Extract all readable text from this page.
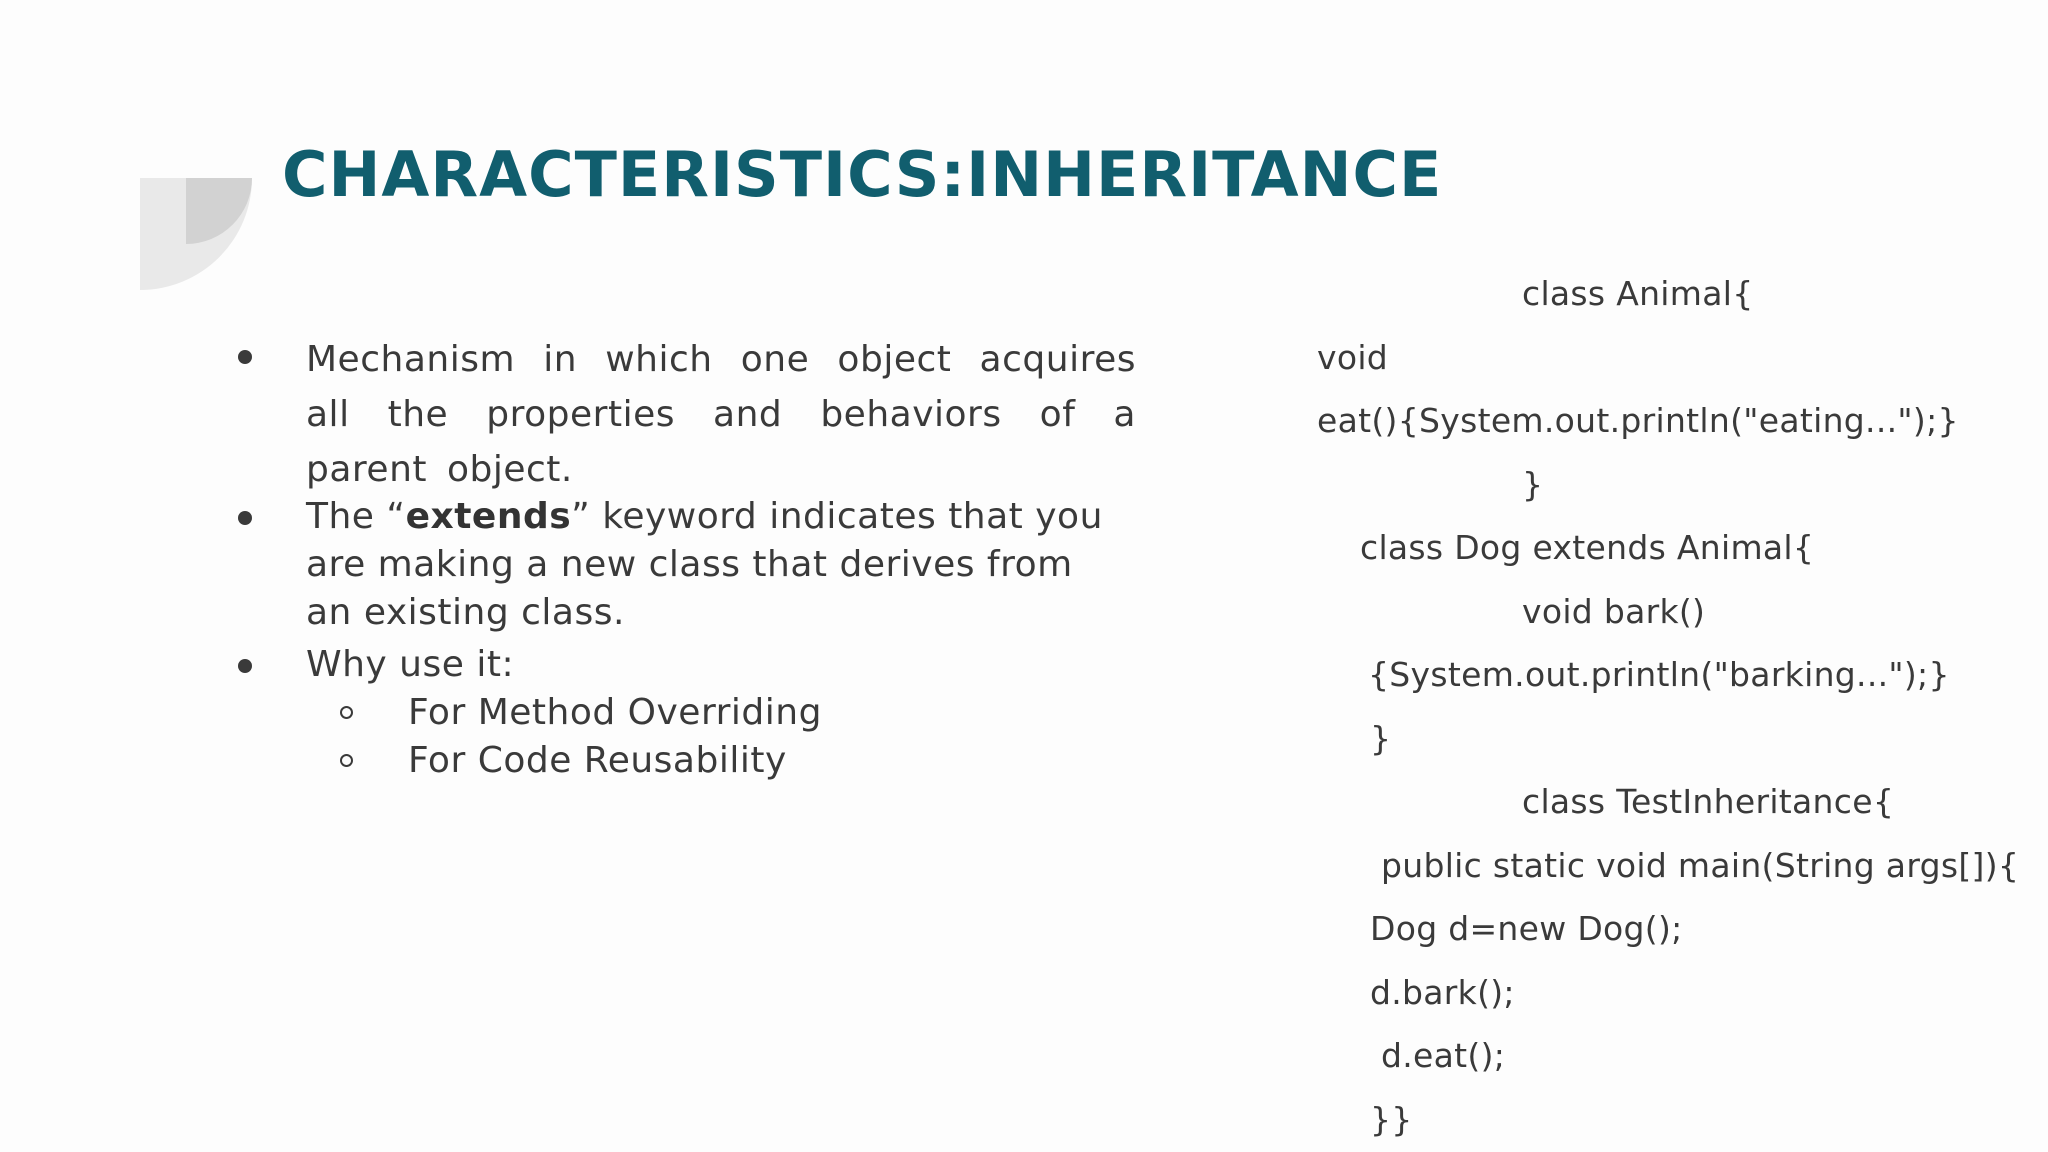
CHARACTERISTICS:INHERITANCE

Mechanism in which one object acquires all the properties and behaviors of a parent object.

The “extends” keyword indicates that you are making a new class that derives from an existing class.

Why use it:

For Method Overriding

For Code Reusability

class Animal{
void
eat(){System.out.println("eating...");}
}
class Dog extends Animal{
void bark()
{System.out.println("barking...");}
}
class TestInheritance{
public static void main(String args[]){
Dog d=new Dog();
d.bark();
d.eat();
}}
